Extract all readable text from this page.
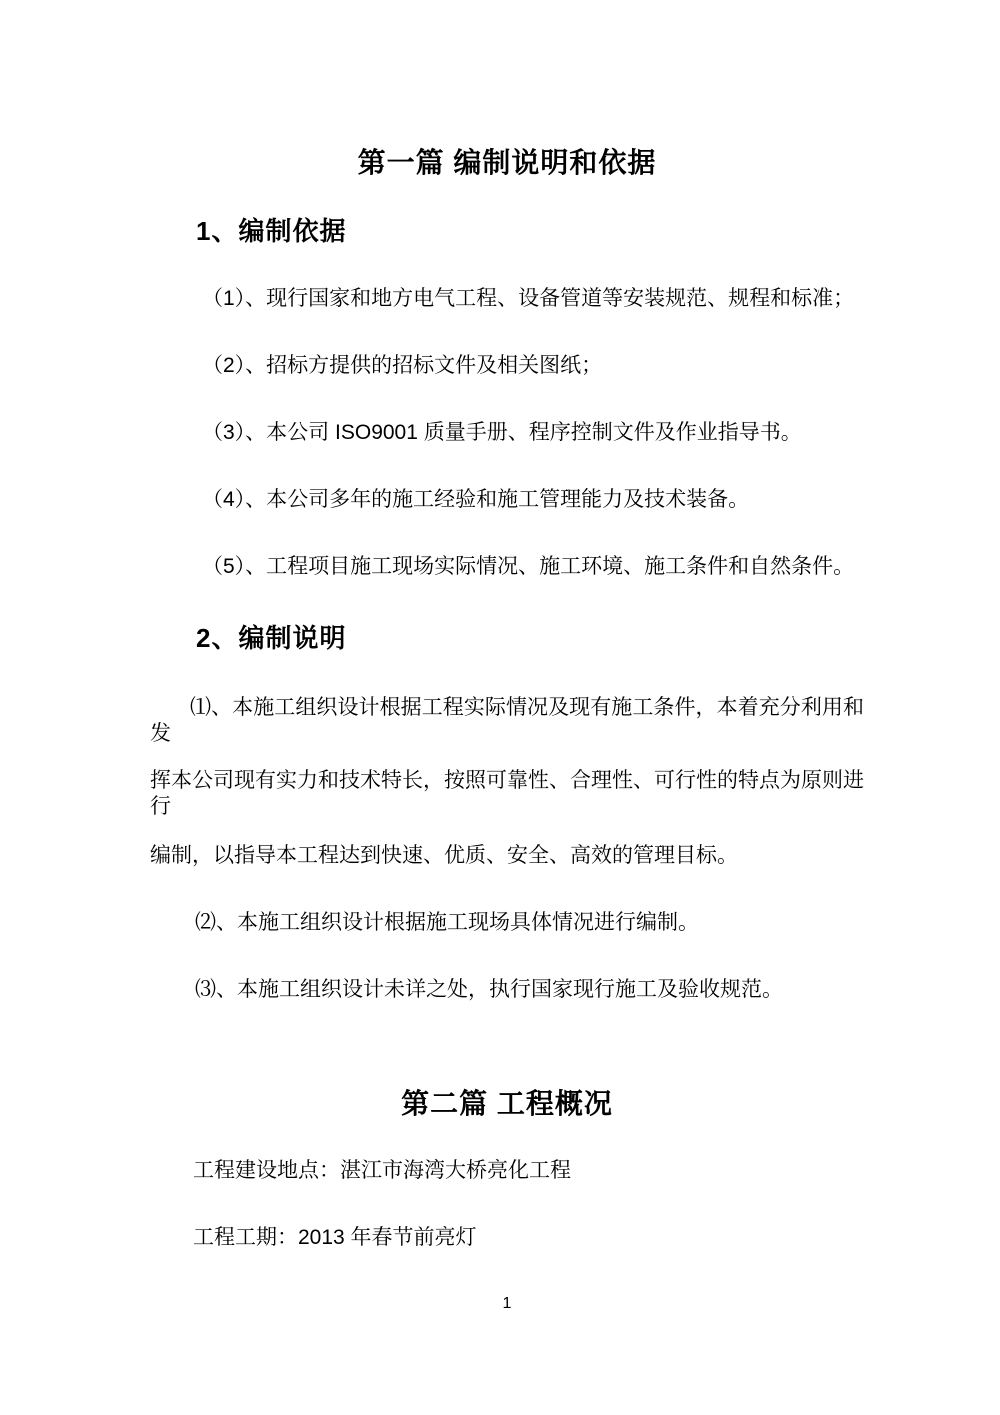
第一篇 编制说明和依据
1、编制依据
（1）、现行国家和地方电气工程、设备管道等安装规范、规程和标准；
（2）、招标方提供的招标文件及相关图纸；
（3）、本公司 ISO9001 质量手册、程序控制文件及作业指导书。
（4）、本公司多年的施工经验和施工管理能力及技术装备。
（5）、工程项目施工现场实际情况、施工环境、施工条件和自然条件。
2、编制说明
⑴、本施工组织设计根据工程实际情况及现有施工条件，本着充分利用和发
挥本公司现有实力和技术特长，按照可靠性、合理性、可行性的特点为原则进行
编制，以指导本工程达到快速、优质、安全、高效的管理目标。
⑵、本施工组织设计根据施工现场具体情况进行编制。
⑶、本施工组织设计未详之处，执行国家现行施工及验收规范。
第二篇 工程概况
工程建设地点：湛江市海湾大桥亮化工程
工程工期：2013 年春节前亮灯
1
